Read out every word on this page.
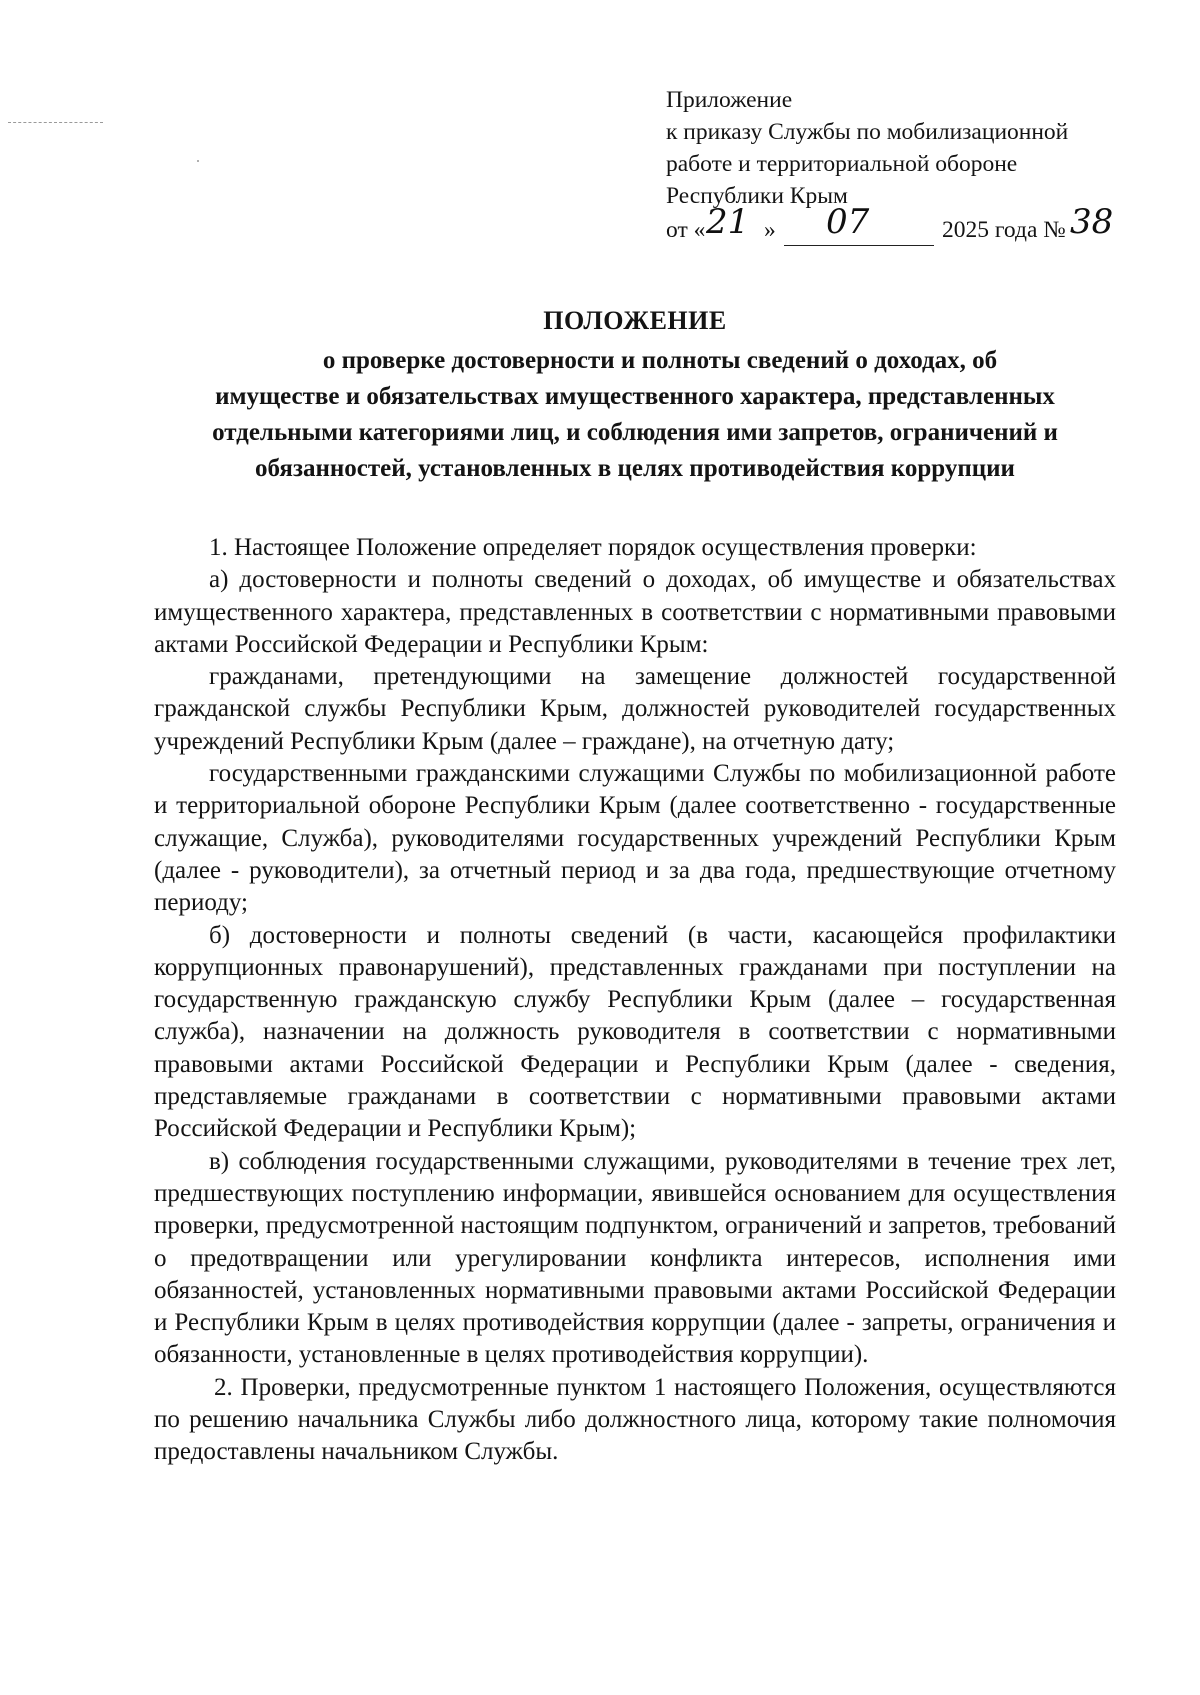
Приложение
к приказу Службы по мобилизационной
работе и территориальной обороне
Республики Крым
от « 21 » 07	2025 года № 38
ПОЛОЖЕНИЕ
о проверке достоверности и полноты сведений о доходах, об
имуществе и обязательствах имущественного характера, представленных
отдельными категориями лиц, и соблюдения ими запретов, ограничений и
обязанностей, установленных в целях противодействия коррупции

1. Настоящее Положение определяет порядок осуществления проверки:

а) достоверности и полноты сведений о доходах, об имуществе и обязательствах имущественного характера, представленных в соответствии с нормативными правовыми актами Российской Федерации и Республики Крым:

гражданами, претендующими на замещение должностей государственной гражданской службы Республики Крым, должностей руководителей государственных учреждений Республики Крым (далее – граждане), на отчетную дату;

государственными гражданскими служащими Службы по мобилизационной работе и территориальной обороне Республики Крым (далее соответственно - государственные служащие, Служба), руководителями государственных учреждений Республики Крым (далее - руководители), за отчетный период и за два года, предшествующие отчетному периоду;

б) достоверности и полноты сведений (в части, касающейся профилактики коррупционных правонарушений), представленных гражданами при поступлении на государственную гражданскую службу Республики Крым (далее – государственная служба), назначении на должность руководителя в соответствии с нормативными правовыми актами Российской Федерации и Республики Крым (далее - сведения, представляемые гражданами в соответствии с нормативными правовыми актами Российской Федерации и Республики Крым);

в) соблюдения государственными служащими, руководителями в течение трех лет, предшествующих поступлению информации, явившейся основанием для осуществления проверки, предусмотренной настоящим подпунктом, ограничений и запретов, требований о предотвращении или урегулировании конфликта интересов, исполнения ими обязанностей, установленных нормативными правовыми актами Российской Федерации и Республики Крым в целях противодействия коррупции (далее - запреты, ограничения и обязанности, установленные в целях противодействия коррупции).

2. Проверки, предусмотренные пунктом 1 настоящего Положения, осуществляются по решению начальника Службы либо должностного лица, которому такие полномочия предоставлены начальником Службы.
